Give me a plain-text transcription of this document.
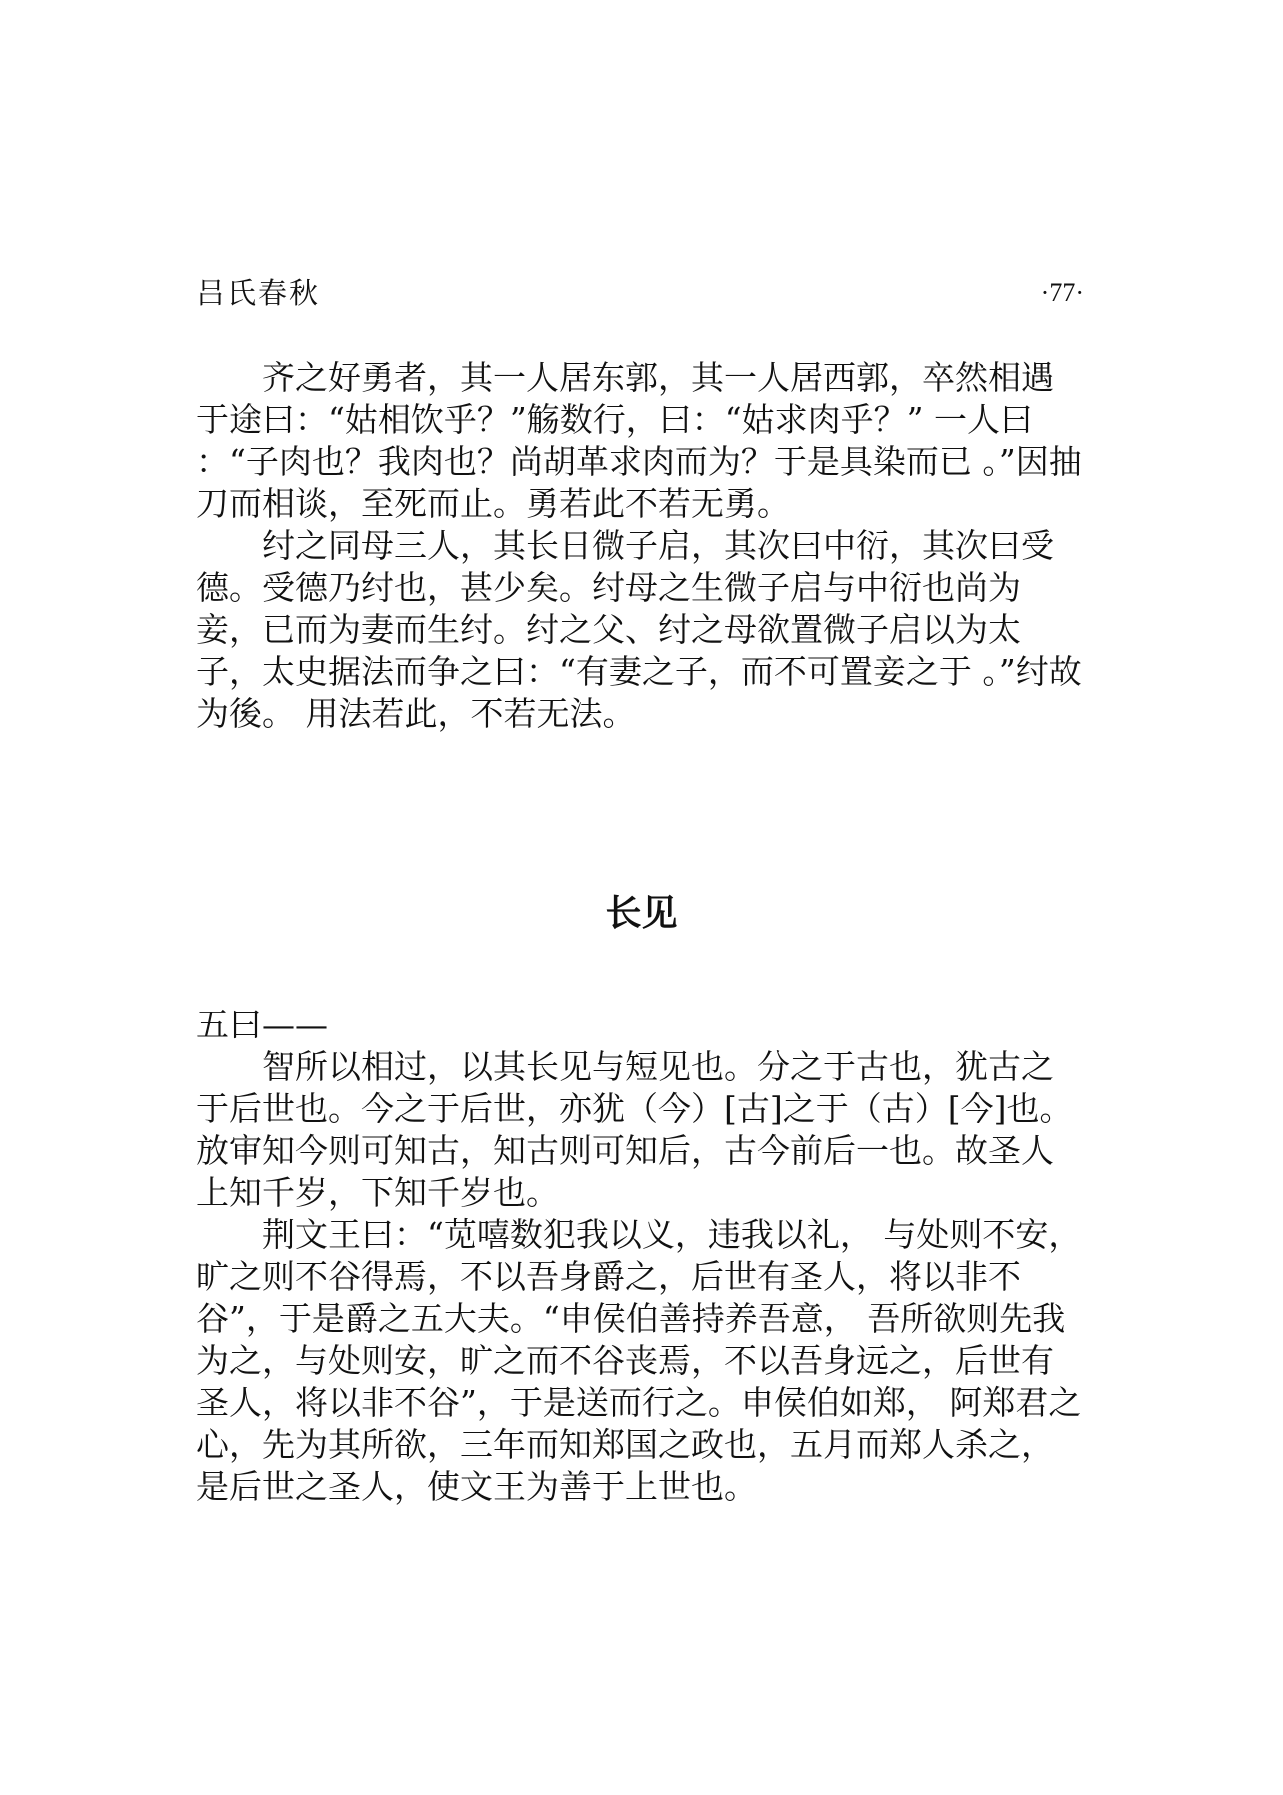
吕氏春秋	·77·

齐之好勇者，其一人居东郭，其一人居西郭，卒然相遇于途曰：“姑相饮乎？”觞数行，曰：“姑求肉乎？” 一人曰 ：“子肉也？我肉也？尚胡革求肉而为？于是具染而已 。”因抽刀而相谈，至死而止。勇若此不若无勇。

纣之同母三人，其长日微子启，其次曰中衍，其次曰受德。受德乃纣也，甚少矣。纣母之生微子启与中衍也尚为妾，已而为妻而生纣。纣之父、纣之母欲置微子启以为太子，太史据法而争之曰：“有妻之子，而不可置妾之于 。”纣故为後。 用法若此，不若无法。

长见

五曰——

智所以相过，以其长见与短见也。分之于古也，犹古之于后世也。今之于后世，亦犹（今）[古]之于（古）[今]也。放审知今则可知古，知古则可知后，古今前后一也。故圣人上知千岁，下知千岁也。

荆文王曰：“苋嘻数犯我以义，违我以礼， 与处则不安，旷之则不谷得焉，不以吾身爵之，后世有圣人，将以非不谷”，于是爵之五大夫。“申侯伯善持养吾意， 吾所欲则先我为之，与处则安，旷之而不谷丧焉，不以吾身远之，后世有圣人，将以非不谷”，于是送而行之。申侯伯如郑， 阿郑君之心，先为其所欲，三年而知郑国之政也，五月而郑人杀之，是后世之圣人，使文王为善于上世也。
